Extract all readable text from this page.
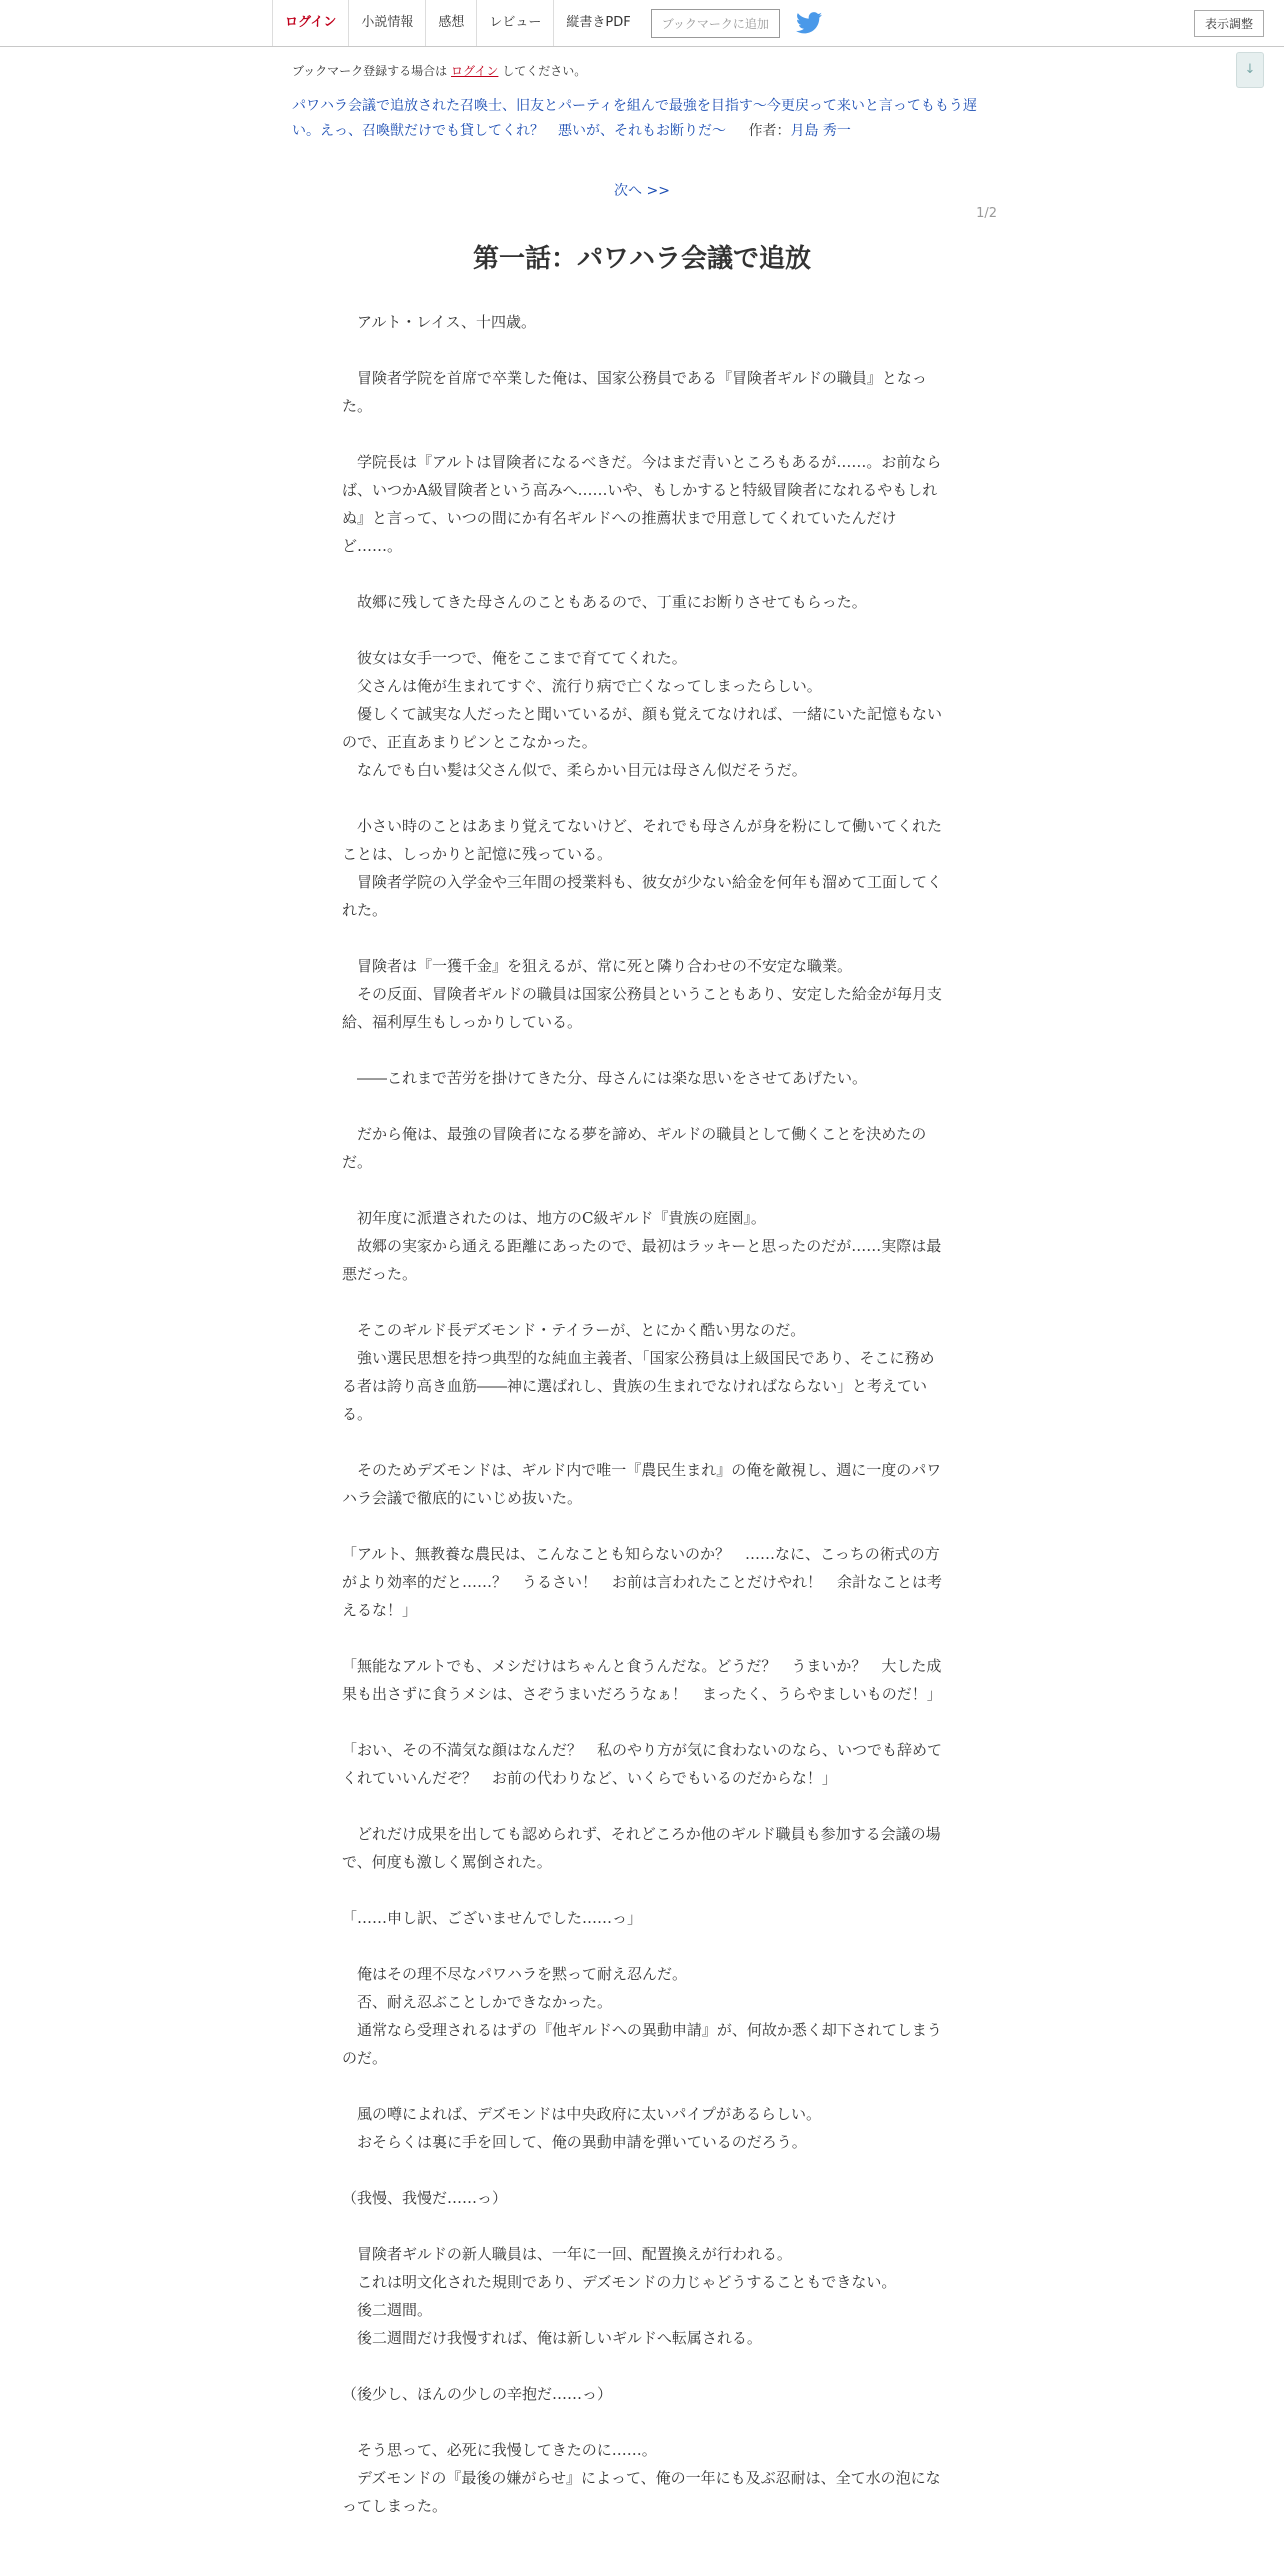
ログイン	小説情報	感想	レビュー	縦書きPDF	ブックマークに追加	表示調整
↓
ブックマーク登録する場合は ログイン してください。
パワハラ会議で追放された召喚士、旧友とパーティを組んで最強を目指す～今更戻って来いと言ってももう遅い。えっ、召喚獣だけでも貸してくれ？　悪いが、それもお断りだ～ 作者：月島 秀一
次へ >>
1/2
第一話：パワハラ会議で追放

　アルト・レイス、十四歳。

　冒険者学院を首席で卒業した俺は、国家公務員である『冒険者ギルドの職員』となった。

　学院長は『アルトは冒険者になるべきだ。今はまだ青いところもあるが……。お前ならば、いつかA級冒険者という高みへ……いや、もしかすると特級冒険者になれるやもしれぬ』と言って、いつの間にか有名ギルドへの推薦状まで用意してくれていたんだけど……。

　故郷に残してきた母さんのこともあるので、丁重にお断りさせてもらった。

　彼女は女手一つで、俺をここまで育ててくれた。

　父さんは俺が生まれてすぐ、流行り病で亡くなってしまったらしい。

　優しくて誠実な人だったと聞いているが、顔も覚えてなければ、一緒にいた記憶もないので、正直あまりピンとこなかった。

　なんでも白い髪は父さん似で、柔らかい目元は母さん似だそうだ。

　小さい時のことはあまり覚えてないけど、それでも母さんが身を粉にして働いてくれたことは、しっかりと記憶に残っている。

　冒険者学院の入学金や三年間の授業料も、彼女が少ない給金を何年も溜めて工面してくれた。

　冒険者は『一獲千金』を狙えるが、常に死と隣り合わせの不安定な職業。

　その反面、冒険者ギルドの職員は国家公務員ということもあり、安定した給金が毎月支給、福利厚生もしっかりしている。

　――これまで苦労を掛けてきた分、母さんには楽な思いをさせてあげたい。

　だから俺は、最強の冒険者になる夢を諦め、ギルドの職員として働くことを決めたのだ。

　初年度に派遣されたのは、地方のC級ギルド『貴族の庭園』。

　故郷の実家から通える距離にあったので、最初はラッキーと思ったのだが……実際は最悪だった。

　そこのギルド長デズモンド・テイラーが、とにかく酷い男なのだ。

　強い選民思想を持つ典型的な純血主義者、「国家公務員は上級国民であり、そこに務める者は誇り高き血筋――神に選ばれし、貴族の生まれでなければならない」と考えている。

　そのためデズモンドは、ギルド内で唯一『農民生まれ』の俺を敵視し、週に一度のパワハラ会議で徹底的にいじめ抜いた。

「アルト、無教養な農民は、こんなことも知らないのか？　……なに、こっちの術式の方がより効率的だと……？　うるさい！　お前は言われたことだけやれ！　余計なことは考えるな！」

「無能なアルトでも、メシだけはちゃんと食うんだな。どうだ？　うまいか？　大した成果も出さずに食うメシは、さぞうまいだろうなぁ！　まったく、うらやましいものだ！」

「おい、その不満気な顔はなんだ？　私のやり方が気に食わないのなら、いつでも辞めてくれていいんだぞ？　お前の代わりなど、いくらでもいるのだからな！」

　どれだけ成果を出しても認められず、それどころか他のギルド職員も参加する会議の場で、何度も激しく罵倒された。

「……申し訳、ございませんでした……っ」

　俺はその理不尽なパワハラを黙って耐え忍んだ。

　否、耐え忍ぶことしかできなかった。

　通常なら受理されるはずの『他ギルドへの異動申請』が、何故か悉く却下されてしまうのだ。

　風の噂によれば、デズモンドは中央政府に太いパイプがあるらしい。

　おそらくは裏に手を回して、俺の異動申請を弾いているのだろう。

（我慢、我慢だ……っ）

　冒険者ギルドの新人職員は、一年に一回、配置換えが行われる。

　これは明文化された規則であり、デズモンドの力じゃどうすることもできない。

　後二週間。

　後二週間だけ我慢すれば、俺は新しいギルドへ転属される。

（後少し、ほんの少しの辛抱だ……っ）

　そう思って、必死に我慢してきたのに……。

　デズモンドの『最後の嫌がらせ』によって、俺の一年にも及ぶ忍耐は、全て水の泡になってしまった。
